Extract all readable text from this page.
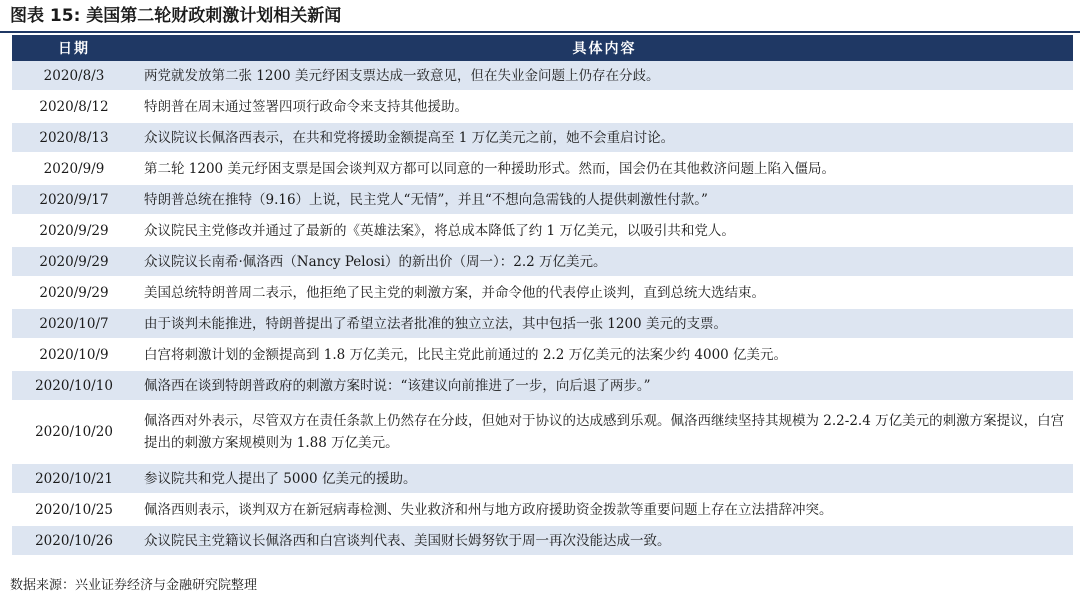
图表 15: 美国第二轮财政刺激计划相关新闻
日期	具体内容
2020/8/3	两党就发放第二张 1200 美元纾困支票达成一致意见，但在失业金问题上仍存在分歧。
2020/8/12	特朗普在周末通过签署四项行政命令来支持其他援助。
2020/8/13	众议院议长佩洛西表示，在共和党将援助金额提高至 1 万亿美元之前，她不会重启讨论。
2020/9/9	第二轮 1200 美元纾困支票是国会谈判双方都可以同意的一种援助形式。然而，国会仍在其他救济问题上陷入僵局。
2020/9/17	特朗普总统在推特（9.16）上说，民主党人“无情”，并且“不想向急需钱的人提供刺激性付款。”
2020/9/29	众议院民主党修改并通过了最新的《英雄法案》，将总成本降低了约 1 万亿美元，以吸引共和党人。
2020/9/29	众议院议长南希·佩洛西（Nancy Pelosi）的新出价（周一）：2.2 万亿美元。
2020/9/29	美国总统特朗普周二表示，他拒绝了民主党的刺激方案，并命令他的代表停止谈判，直到总统大选结束。
2020/10/7	由于谈判未能推进，特朗普提出了希望立法者批准的独立立法，其中包括一张 1200 美元的支票。
2020/10/9	白宫将刺激计划的金额提高到 1.8 万亿美元，比民主党此前通过的 2.2 万亿美元的法案少约 4000 亿美元。
2020/10/10	佩洛西在谈到特朗普政府的刺激方案时说：“该建议向前推进了一步，向后退了两步。”
2020/10/20	佩洛西对外表示，尽管双方在责任条款上仍然存在分歧，但她对于协议的达成感到乐观。佩洛西继续坚持其规模为 2.2-2.4 万亿美元的刺激方案提议，白宫提出的刺激方案规模则为 1.88 万亿美元。
2020/10/21	参议院共和党人提出了 5000 亿美元的援助。
2020/10/25	佩洛西则表示，谈判双方在新冠病毒检测、失业救济和州与地方政府援助资金拨款等重要问题上存在立法措辞冲突。
2020/10/26	众议院民主党籍议长佩洛西和白宫谈判代表、美国财长姆努钦于周一再次没能达成一致。
数据来源：兴业证券经济与金融研究院整理
